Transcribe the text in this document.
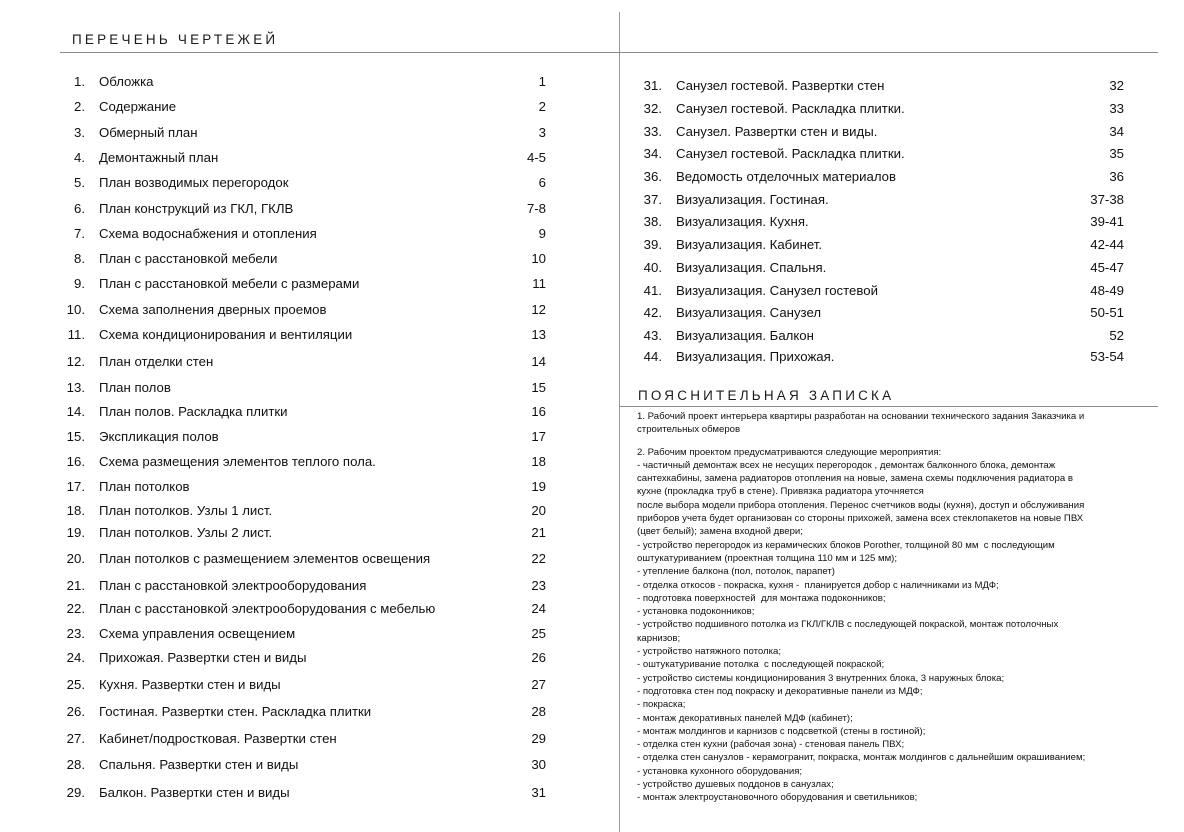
ПЕРЕЧЕНЬ ЧЕРТЕЖЕЙ
1. Обложка	1
2. Содержание	2
3. Обмерный план	3
4. Демонтажный план	4-5
5. План возводимых перегородок	6
6. План конструкций из ГКЛ, ГКЛВ	7-8
7. Схема водоснабжения и отопления	9
8. План с расстановкой мебели	10
9. План с расстановкой мебели с размерами	11
10. Схема заполнения дверных проемов	12
11. Схема кондиционирования и вентиляции	13
12. План отделки стен	14
13. План полов	15
14. План полов. Раскладка плитки	16
15. Экспликация полов	17
16. Схема размещения элементов теплого пола.	18
17. План потолков	19
18. План потолков. Узлы 1 лист.	20
19. План потолков. Узлы 2 лист.	21
20. План потолков с размещением элементов освещения	22
21. План с расстановкой электрооборудования	23
22. План с расстановкой электрооборудования с мебелью	24
23. Схема управления освещением	25
24. Прихожая. Развертки стен и виды	26
25. Кухня. Развертки стен и виды	27
26. Гостиная. Развертки стен. Раскладка плитки	28
27. Кабинет/подростковая. Развертки стен	29
28. Спальня. Развертки стен и виды	30
29. Балкон. Развертки стен и виды	31
31. Санузел гостевой. Развертки стен	32
32. Санузел гостевой. Раскладка плитки.	33
33. Санузел. Развертки стен и виды.	34
34. Санузел гостевой. Раскладка плитки.	35
36. Ведомость отделочных материалов	36
37. Визуализация. Гостиная.	37-38
38. Визуализация. Кухня.	39-41
39. Визуализация. Кабинет.	42-44
40. Визуализация. Спальня.	45-47
41. Визуализация. Санузел гостевой	48-49
42. Визуализация. Санузел	50-51
43. Визуализация. Балкон	52
44. Визуализация. Прихожая.	53-54
ПОЯСНИТЕЛЬНАЯ ЗАПИСКА

1. Рабочий проект интерьера квартиры разработан на основании технического задания Заказчика и

строительных обмеров

2. Рабочим проектом предусматриваются следующие мероприятия:

- частичный демонтаж всех не несущих перегородок , демонтаж балконного блока, демонтаж

сантехкабины, замена радиаторов отопления на новые, замена схемы подключения радиатора в

кухне (прокладка труб в стене). Привязка радиатора уточняется

после выбора модели прибора отопления. Перенос счетчиков воды (кухня), доступ и обслуживания

приборов учета будет организован со стороны прихожей, замена всех стеклопакетов на новые ПВХ

(цвет белый); замена входной двери;

- устройство перегородок из керамических блоков Porother, толщиной 80 мм  с последующим

оштукатуриванием (проектная толщина 110 мм и 125 мм);

- утепление балкона (пол, потолок, парапет)

- отделка откосов - покраска, кухня -  планируется добор с наличниками из МДФ;

- подготовка поверхностей  для монтажа подоконников;

- установка подоконников;

- устройство подшивного потолка из ГКЛ/ГКЛВ с последующей покраской, монтаж потолочных

карнизов;

- устройство натяжного потолка;

- оштукатуривание потолка  с последующей покраской;

- устройство системы кондиционирования 3 внутренних блока, 3 наружных блока;

- подготовка стен под покраску и декоративные панели из МДФ;

- покраска;

- монтаж декоративных панелей МДФ (кабинет);

- монтаж молдингов и карнизов с подсветкой (стены в гостиной);

- отделка стен кухни (рабочая зона) - стеновая панель ПВХ;

- отделка стен санузлов - керамогранит, покраска, монтаж молдингов с дальнейшим окрашиванием;

- установка кухонного оборудования;

- устройство душевых поддонов в санузлах;

- монтаж электроустановочного оборудования и светильников;
